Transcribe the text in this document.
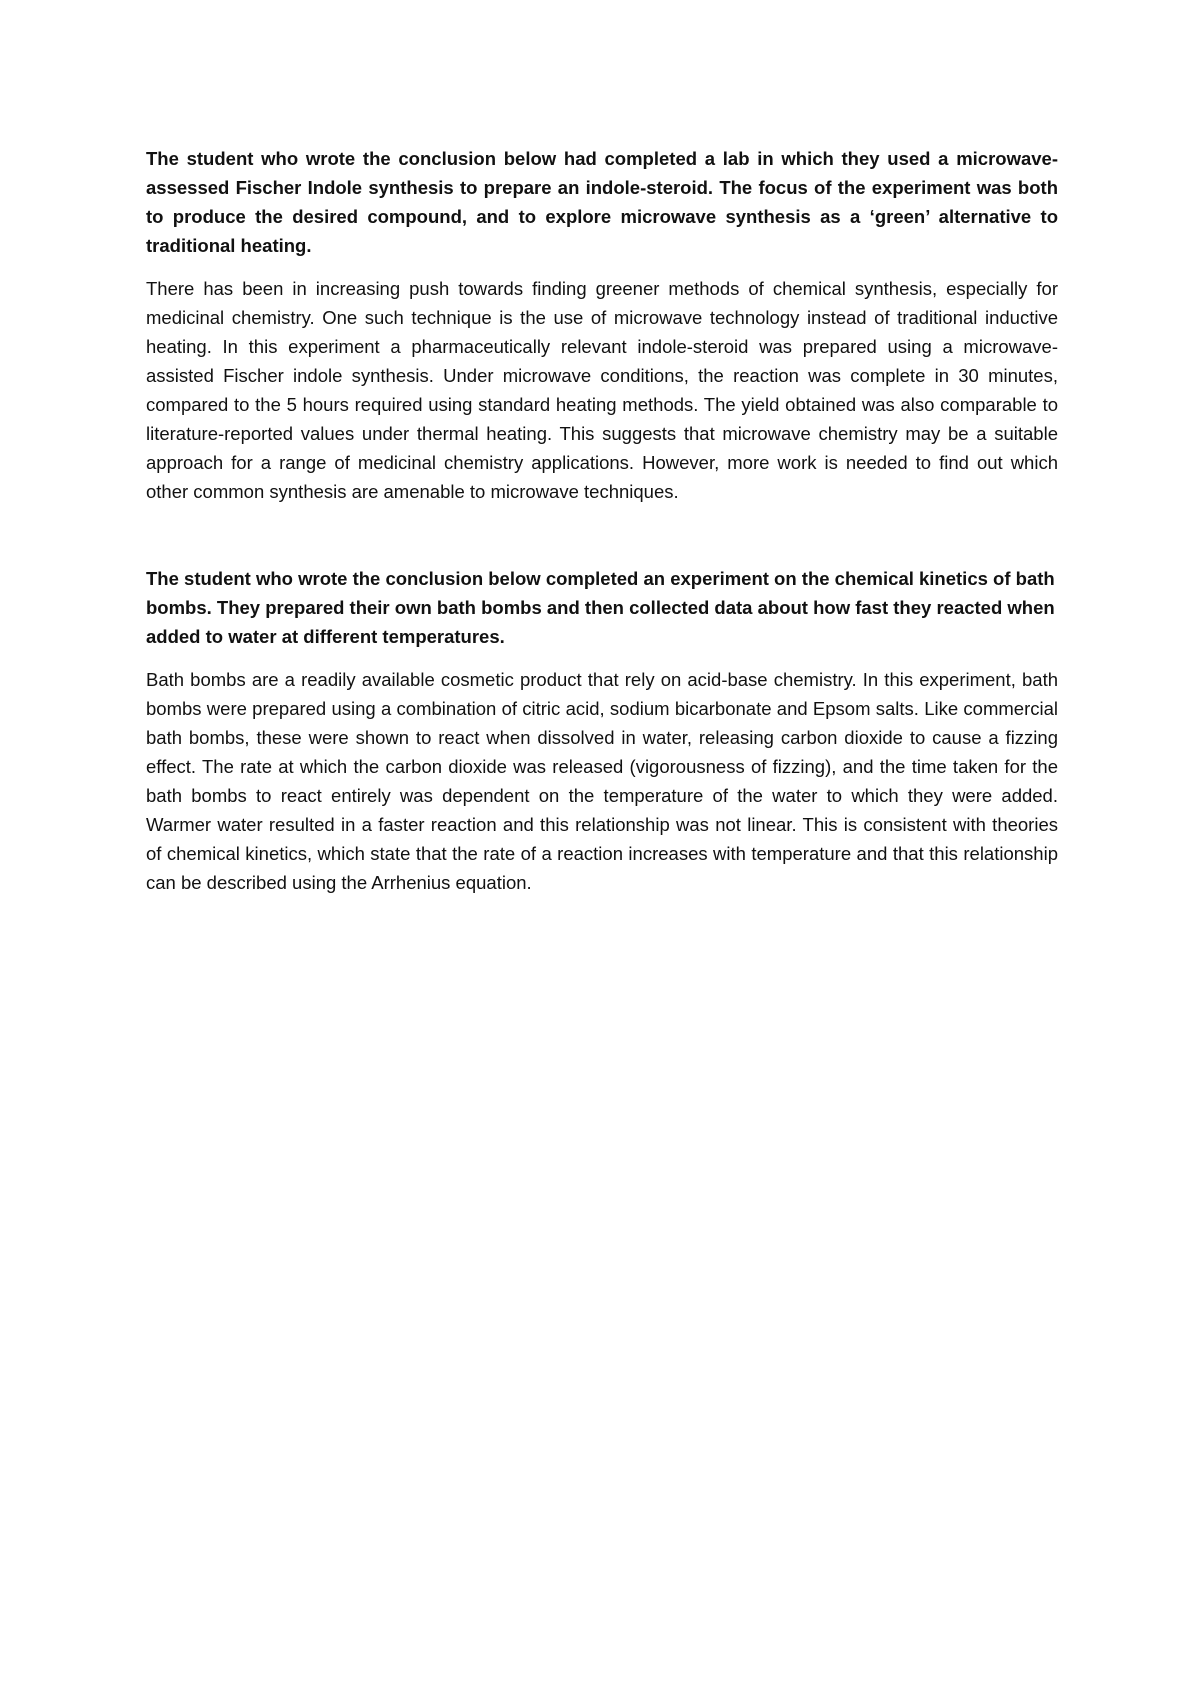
The student who wrote the conclusion below had completed a lab in which they used a microwave-assessed Fischer Indole synthesis to prepare an indole-steroid. The focus of the experiment was both to produce the desired compound, and to explore microwave synthesis as a ‘green’ alternative to traditional heating.

There has been in increasing push towards finding greener methods of chemical synthesis, especially for medicinal chemistry. One such technique is the use of microwave technology instead of traditional inductive heating. In this experiment a pharmaceutically relevant indole-steroid was prepared using a microwave-assisted Fischer indole synthesis. Under microwave conditions, the reaction was complete in 30 minutes, compared to the 5 hours required using standard heating methods. The yield obtained was also comparable to literature-reported values under thermal heating. This suggests that microwave chemistry may be a suitable approach for a range of medicinal chemistry applications. However, more work is needed to find out which other common synthesis are amenable to microwave techniques.

The student who wrote the conclusion below completed an experiment on the chemical kinetics of bath bombs. They prepared their own bath bombs and then collected data about how fast they reacted when added to water at different temperatures.

Bath bombs are a readily available cosmetic product that rely on acid-base chemistry. In this experiment, bath bombs were prepared using a combination of citric acid, sodium bicarbonate and Epsom salts. Like commercial bath bombs, these were shown to react when dissolved in water, releasing carbon dioxide to cause a fizzing effect. The rate at which the carbon dioxide was released (vigorousness of fizzing), and the time taken for the bath bombs to react entirely was dependent on the temperature of the water to which they were added. Warmer water resulted in a faster reaction and this relationship was not linear. This is consistent with theories of chemical kinetics, which state that the rate of a reaction increases with temperature and that this relationship can be described using the Arrhenius equation.
